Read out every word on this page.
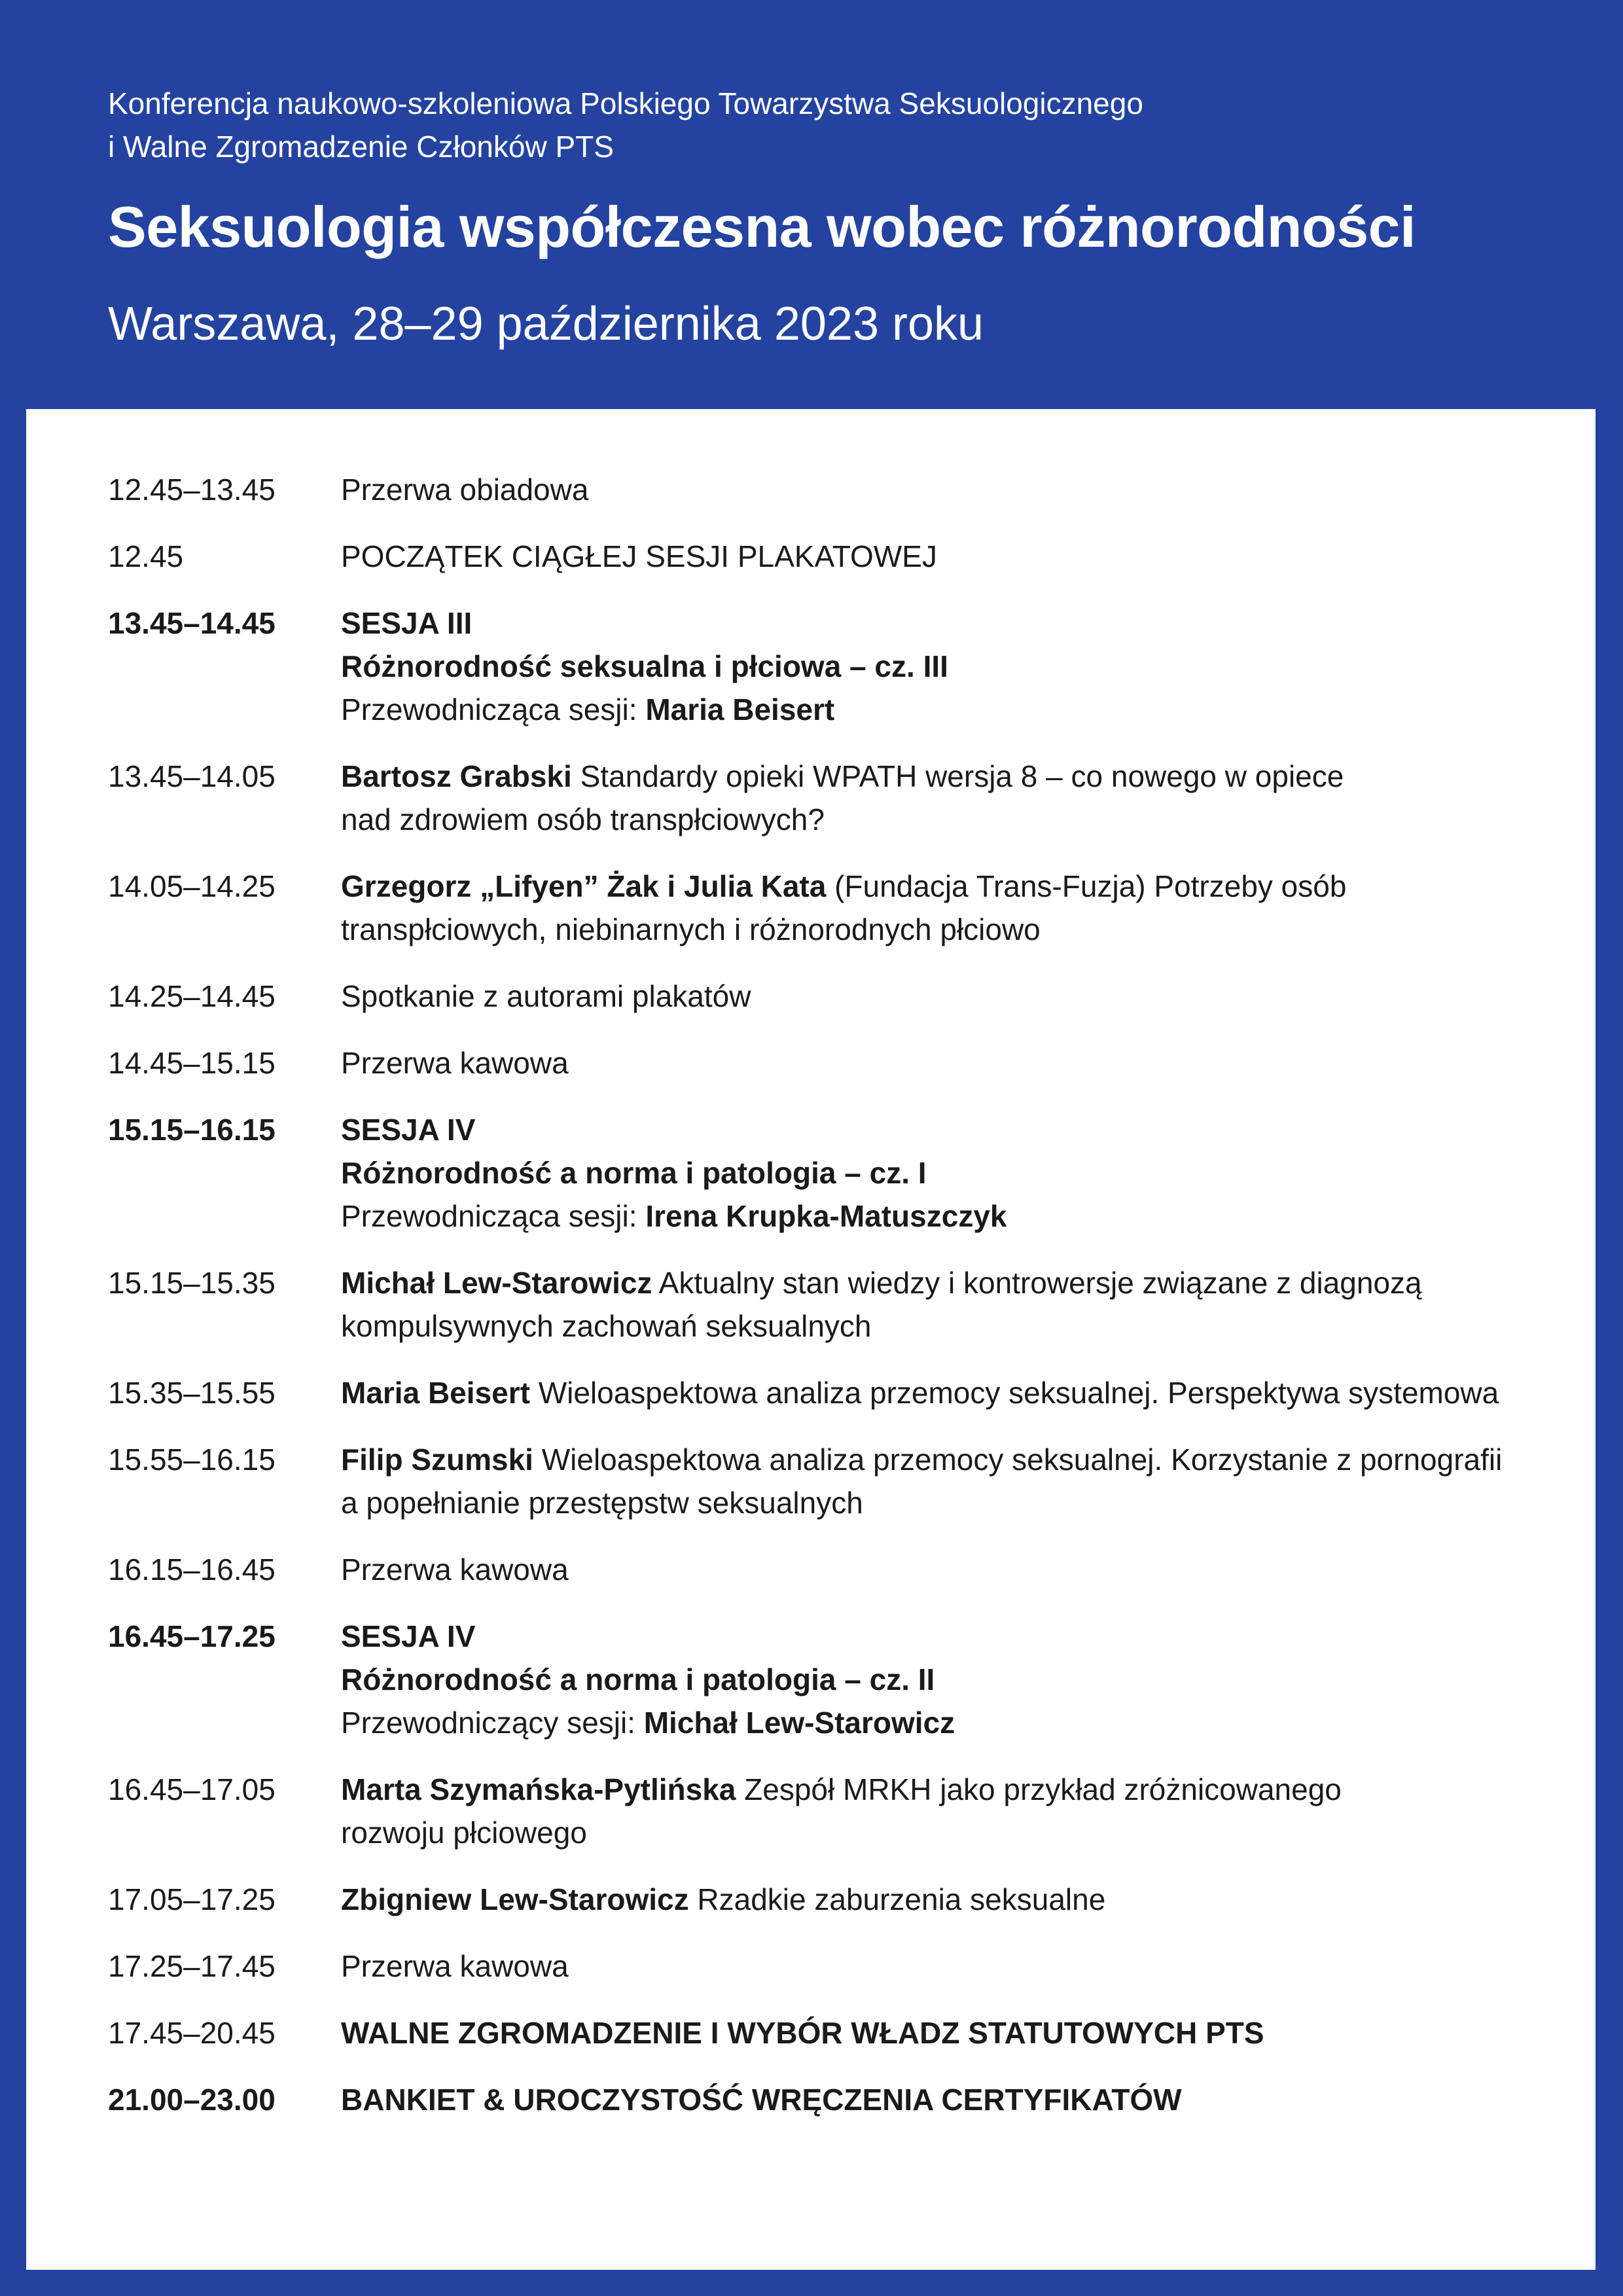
Konferencja naukowo-szkoleniowa Polskiego Towarzystwa Seksuologicznego
i Walne Zgromadzenie Członków PTS
Seksuologia współczesna wobec różnorodności
Warszawa, 28–29 października 2023 roku
12.45–13.45 Przerwa obiadowa
12.45	POCZĄTEK CIĄGŁEJ SESJI PLAKATOWEJ
13.45–14.45 SESJA III
Różnorodność seksualna i płciowa – cz. III
Przewodnicząca sesji: Maria Beisert
13.45–14.05 Bartosz Grabski Standardy opieki WPATH wersja 8 – co nowego w opiece
nad zdrowiem osób transpłciowych?
14.05–14.25 Grzegorz „Lifyen” Żak i Julia Kata (Fundacja Trans-Fuzja) Potrzeby osób
transpłciowych, niebinarnych i różnorodnych płciowo
14.25–14.45 Spotkanie z autorami plakatów
14.45–15.15 Przerwa kawowa
15.15–16.15 SESJA IV
Różnorodność a norma i patologia – cz. I
Przewodnicząca sesji: Irena Krupka-Matuszczyk
15.15–15.35 Michał Lew-Starowicz Aktualny stan wiedzy i kontrowersje związane z diagnozą
kompulsywnych zachowań seksualnych
15.35–15.55 Maria Beisert Wieloaspektowa analiza przemocy seksualnej. Perspektywa systemowa
15.55–16.15 Filip Szumski Wieloaspektowa analiza przemocy seksualnej. Korzystanie z pornografii
a popełnianie przestępstw seksualnych
16.15–16.45 Przerwa kawowa
16.45–17.25 SESJA IV
Różnorodność a norma i patologia – cz. II
Przewodniczący sesji: Michał Lew-Starowicz
16.45–17.05 Marta Szymańska-Pytlińska Zespół MRKH jako przykład zróżnicowanego
rozwoju płciowego
17.05–17.25 Zbigniew Lew-Starowicz Rzadkie zaburzenia seksualne
17.25–17.45 Przerwa kawowa
17.45–20.45 WALNE ZGROMADZENIE I WYBÓR WŁADZ STATUTOWYCH PTS
21.00–23.00 BANKIET & UROCZYSTOŚĆ WRĘCZENIA CERTYFIKATÓW
